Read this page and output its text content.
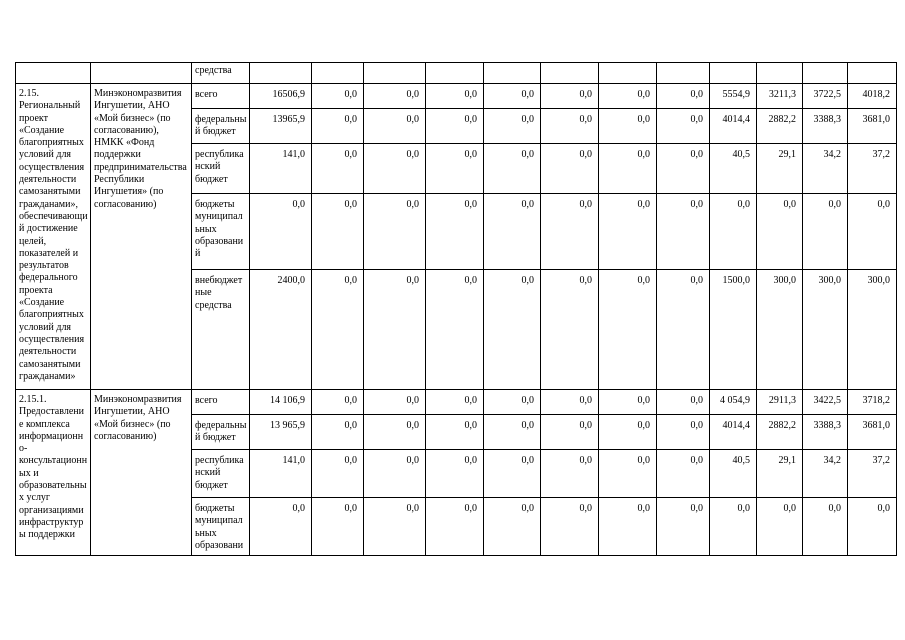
		средства												
2.15. Региональный проект «Создание благоприятных условий для осуществления деятельности самозанятыми гражданами», обеспечивающий достижение целей, показателей и результатов федерального проекта «Создание благоприятных условий для осуществления деятельности самозанятыми гражданами»	Минэкономразвития Ингушетии, АНО «Мой бизнес» (по согласованию), НМКК «Фонд поддержки предпринимательства Республики Ингушетия» (по согласованию)	всего	16506,9	0,0	0,0	0,0	0,0	0,0	0,0	0,0	5554,9	3211,3	3722,5	4018,2
		федеральный бюджет	13965,9	0,0	0,0	0,0	0,0	0,0	0,0	0,0	4014,4	2882,2	3388,3	3681,0
		республиканский бюджет	141,0	0,0	0,0	0,0	0,0	0,0	0,0	0,0	40,5	29,1	34,2	37,2
		бюджеты муниципальных образований	0,0	0,0	0,0	0,0	0,0	0,0	0,0	0,0	0,0	0,0	0,0	0,0
		внебюджетные средства	2400,0	0,0	0,0	0,0	0,0	0,0	0,0	0,0	1500,0	300,0	300,0	300,0
2.15.1. Предоставление комплекса информационно-консультационных и образовательных услуг организациями инфраструктуры поддержки	Минэкономразвития Ингушетии, АНО «Мой бизнес» (по согласованию)	всего	14 106,9	0,0	0,0	0,0	0,0	0,0	0,0	0,0	4 054,9	2911,3	3422,5	3718,2
		федеральный бюджет	13 965,9	0,0	0,0	0,0	0,0	0,0	0,0	0,0	4014,4	2882,2	3388,3	3681,0
		республиканский бюджет	141,0	0,0	0,0	0,0	0,0	0,0	0,0	0,0	40,5	29,1	34,2	37,2
		бюджеты муниципальных образовани	0,0	0,0	0,0	0,0	0,0	0,0	0,0	0,0	0,0	0,0	0,0	0,0
